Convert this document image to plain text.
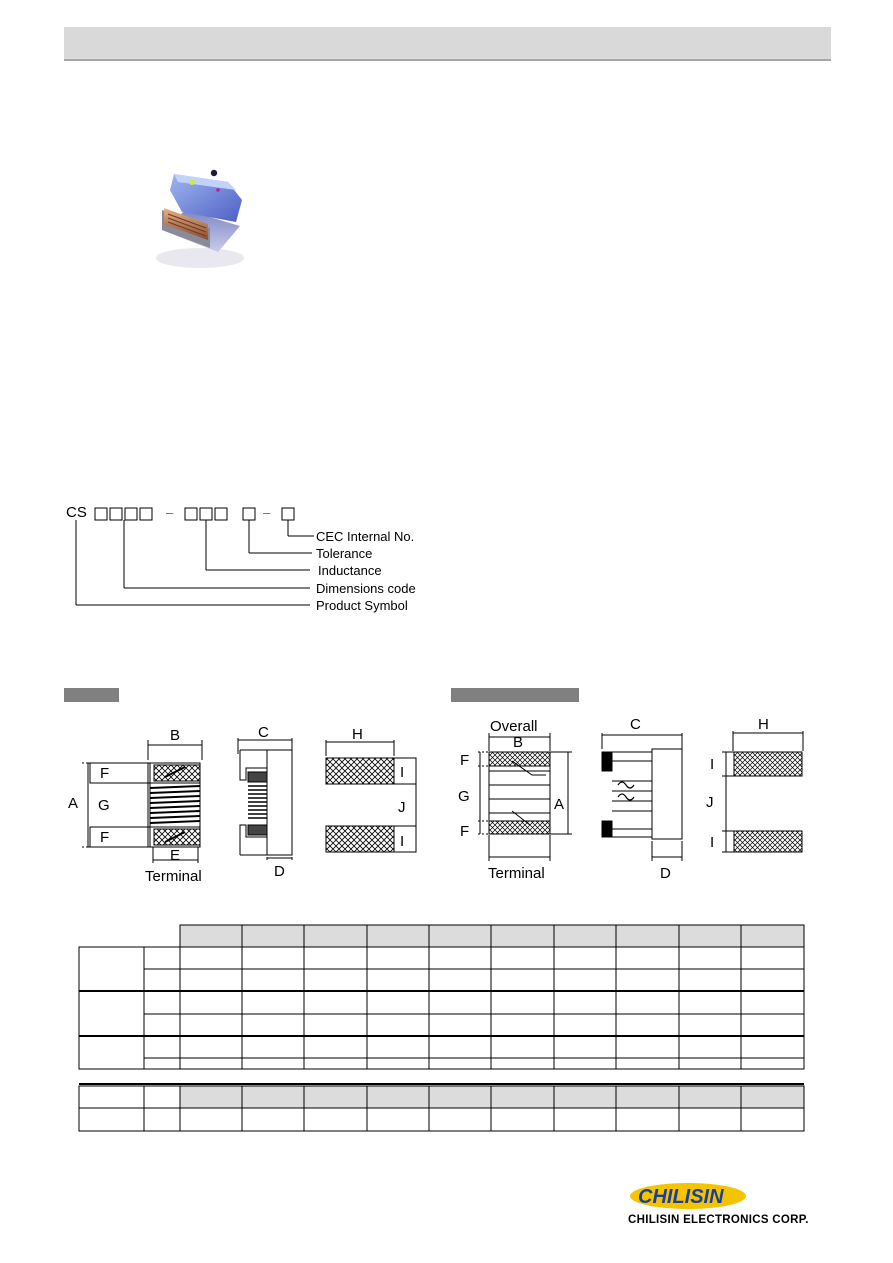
CS	–	–
CEC Internal No.
Tolerance
Inductance
Dimensions code
Product Symbol
A
B	C
D
E
F
G
F
H
I
J
I
Terminal
Overall
A
B
C
D
F
G
F
H
I
J
I
Terminal
CHILISIN
CHILISIN ELECTRONICS CORP.
